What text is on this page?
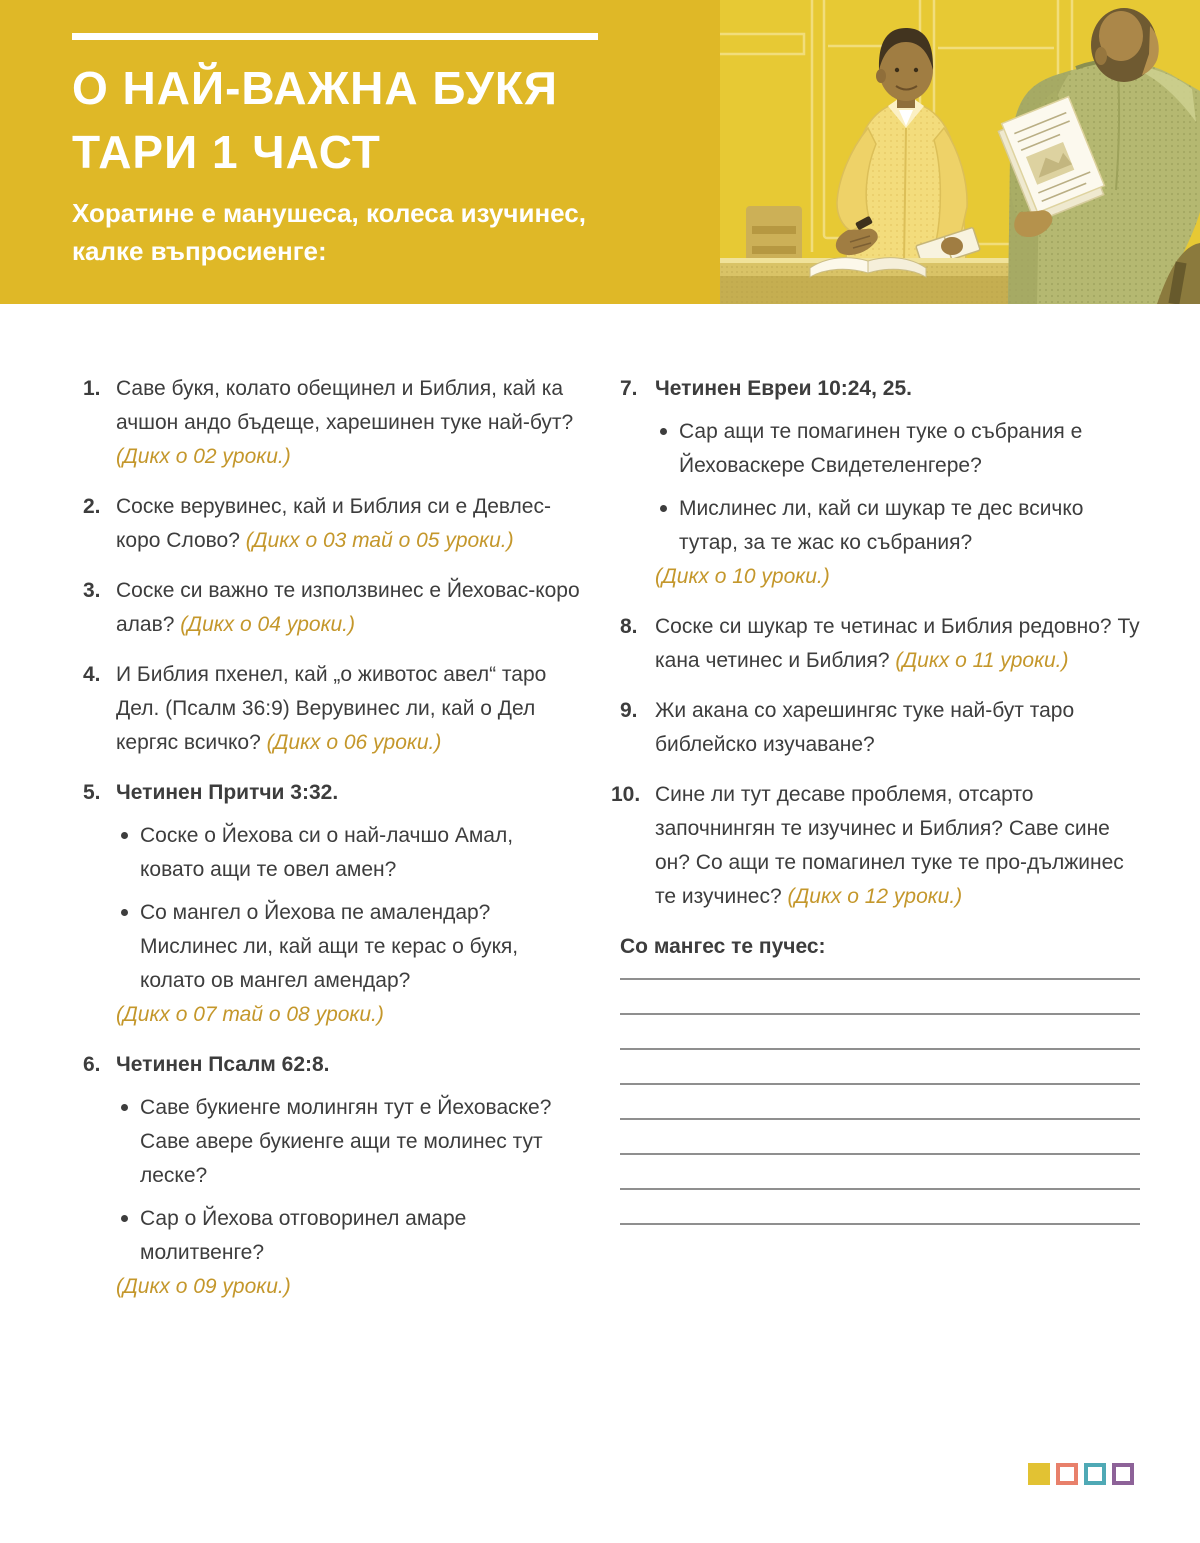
О НАЙ-ВАЖНА БУКЯ
ТАРИ 1 ЧАСТ
Хоратине е манушеса, колеса изучинес,
калке въпросиенге:
1. Саве букя, колато обещинел и Библия, кай ка ачшон андо бъдеще, харешинен туке най-бут? (Дикх о 02 уроки.)

2. Соске верувинес, кай и Библия си е Девлес-коро Слово? (Дикх о 03 тай о 05 уроки.)

3. Соске си важно те използвинес е Йеховас-коро алав? (Дикх о 04 уроки.)

4. И Библия пхенел, кай „о животос авел“ таро Дел. (Псалм 36:9) Верувинес ли, кай о Дел кергяс всичко? (Дикх о 06 уроки.)

5. Четинен Притчи 3:32.

Соске о Йехова си о най-лачшо Амал, ковато ащи те овел амен?

Со мангел о Йехова пе амалендар? Мислинес ли, кай ащи те керас о букя, колато ов мангел амендар?

(Дикх о 07 тай о 08 уроки.)

6. Четинен Псалм 62:8.

Саве букиенге молингян тут е Йеховаске? Саве авере букиенге ащи те молинес тут леске?

Сар о Йехова отговоринел амаре молитвенге?

(Дикх о 09 уроки.)

7. Четинен Евреи 10:24, 25.

Сар ащи те помагинен туке о събрания е Йеховаскере Свидетеленгере?

Мислинес ли, кай си шукар те дес всичко тутар, за те жас ко събрания?

(Дикх о 10 уроки.)

8. Соске си шукар те четинас и Библия редовно? Ту кана четинес и Библия? (Дикх о 11 уроки.)

9. Жи акана со харешингяс туке най-бут таро библейско изучаване?

10. Сине ли тут десаве проблемя, отсарто започнингян те изучинес и Библия? Саве сине он? Со ащи те помагинел туке те про-дължинес те изучинес? (Дикх о 12 уроки.)

Со мангес те пучес:
